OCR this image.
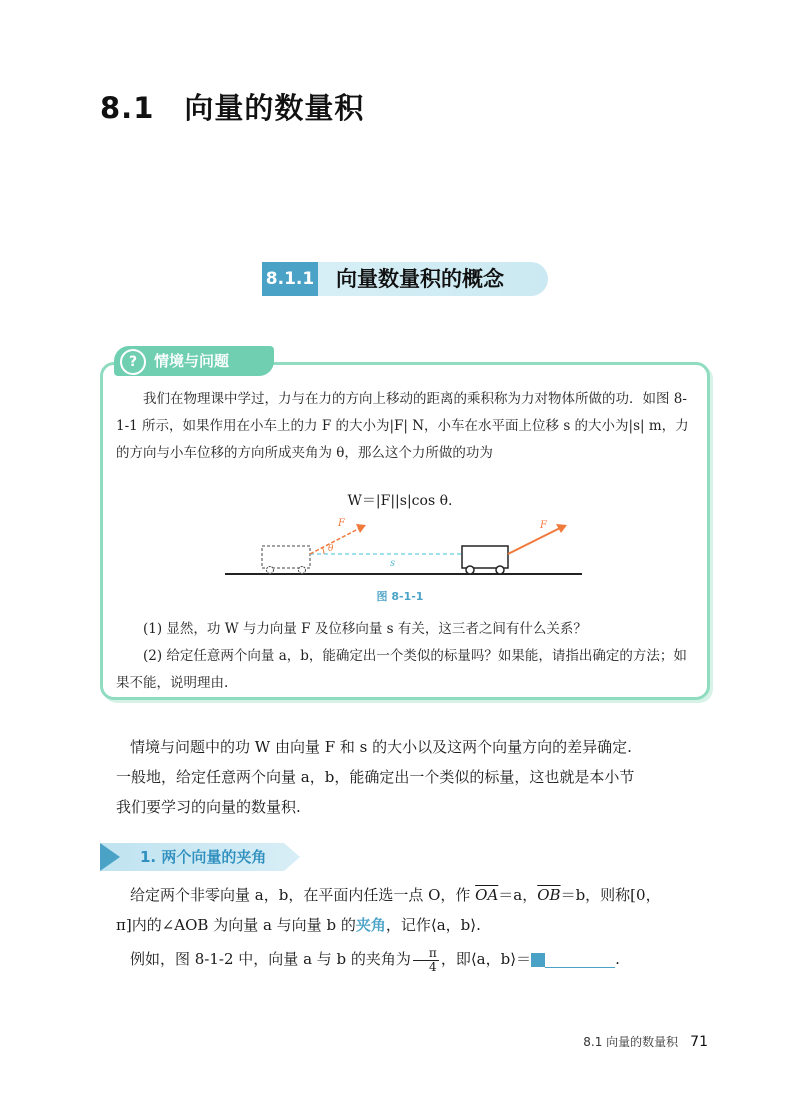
8.1 向量的数量积
8.1.1 向量数量积的概念
?	情境与问题
我们在物理课中学过，力与在力的方向上移动的距离的乘积称为力对物体所做的功．如图 8-1-1 所示，如果作用在小车上的力 F 的大小为|F| N，小车在水平面上位移 s 的大小为|s| m，力的方向与小车位移的方向所成夹角为 θ，那么这个力所做的功为
W＝|F||s|cos θ.
s
F
θ
F
图 8-1-1
(1) 显然，功 W 与力向量 F 及位移向量 s 有关，这三者之间有什么关系？
(2) 给定任意两个向量 a，b，能确定出一个类似的标量吗？如果能，请指出确定的方法；如果不能，说明理由.
情境与问题中的功 W 由向量 F 和 s 的大小以及这两个向量方向的差异确定. 一般地，给定任意两个向量 a，b，能确定出一个类似的标量，这也就是本小节我们要学习的向量的数量积.
1. 两个向量的夹角
给定两个非零向量 a，b，在平面内任选一点 O，作 $\overline{OA}=a$，$\overline{OB}=b$，则称[0，π]内的∠AOB 为向量 a 与向量 b 的夹角，记作⟨a，b⟩.
例如，图 8-1-2 中，向量 a 与 b 的夹角为 $\frac{\pi}{4}$ ，即⟨a，b⟩＝ 1	.
8.1 向量的数量积 71
